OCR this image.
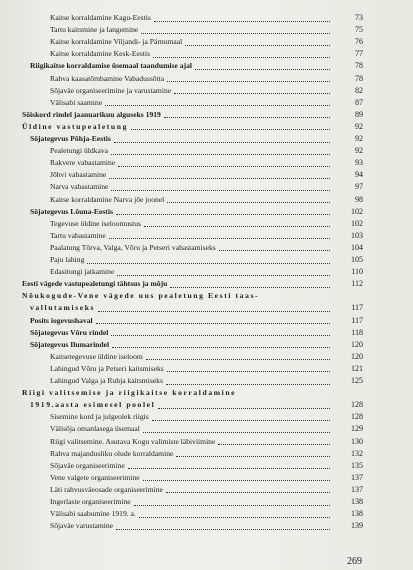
Kaitse korraldamine Kagu-Eestis	73
Tartu kaitsmine ja langemine	75
Kaitse korraldamine Viljandi- ja Pärnumaal	76
Kaitse korraldamine Kesk-Eestis	77
Riigikaitse korraldamise üsemaal taandumise ajal	78
Rahva kaasatõmbamine Vabadussõtta	78
Sõjaväe organiseerimine ja varustamine	82
Välisabi saamine	87
Sõiskord rindel jaanuarikuu alguseks 1919	89
Üldine vastupealetung	92
Sõjategevus Põhja-Eestis	92
Pealetungi üldkava	92
Rakvere vabastamine	93
Jõhvi vabastamine	94
Narva vabastamine	97
Kaitse korraldamine Narva jõe joonel	98
Sõjategevus Lõuna-Eestis	102
Tegevuse üldine iseloomustus	102
Tartu vabastamine	103
Paalatung Tõrva, Valga, Võru ja Petseri vabastamiseks	104
Paju lahing	105
Edasitungi jatkamine	110
Eesti vägede vastupealetungi tähtsus ja mõju	112
Nõukogude-Vene vägede uus pealetung Eesti taas-
vallutamiseks	117
Posits iogevushaval	117
Sõjategevus Võru rindel	118
Sõjategevus Ilumarindel	120
Kaitsetegevuse üldine iseloom	120
Lahingud Võru ja Petseri kaitsmiseks	121
Lahingud Valga ja Ruhja kaitsmiseks	125
Riigi valitsemise ja riigikaitse korraldamine
1919.aasta esimesel poolel	128
Sisemine kord ja julgeolek riigis	128
Välisõja omanlasega üsemaal	129
Riigi valitsemine. Asutava Kogu valimiste läbiviimine	130
Rahva majandusliku olude korraldamine	132
Sõjaväe organiseerimine	135
Vene valgete organiseerimine	137
Läti rahvusväeosade organiseerimine	137
Ingerlaste organiseerimine	138
Välisabi saabumine 1919. a.	138
Sõjaväe varustamine	139
269
